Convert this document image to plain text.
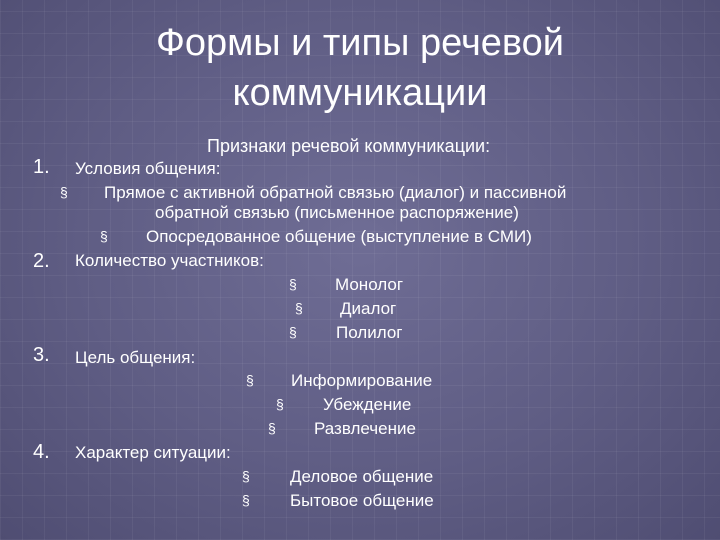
Формы и типы речевой
коммуникации
Признаки речевой коммуникации:
1. Условия общения:
§ Прямое с активной обратной связью (диалог) и пассивной
обратной связью (письменное распоряжение)
§ Опосредованное общение (выступление в СМИ)
2. Количество участников:
§ Монолог
§ Диалог
§ Полилог
3. Цель общения:
§ Информирование
§ Убеждение
§ Развлечение
4. Характер ситуации:
§ Деловое общение
§ Бытовое общение
